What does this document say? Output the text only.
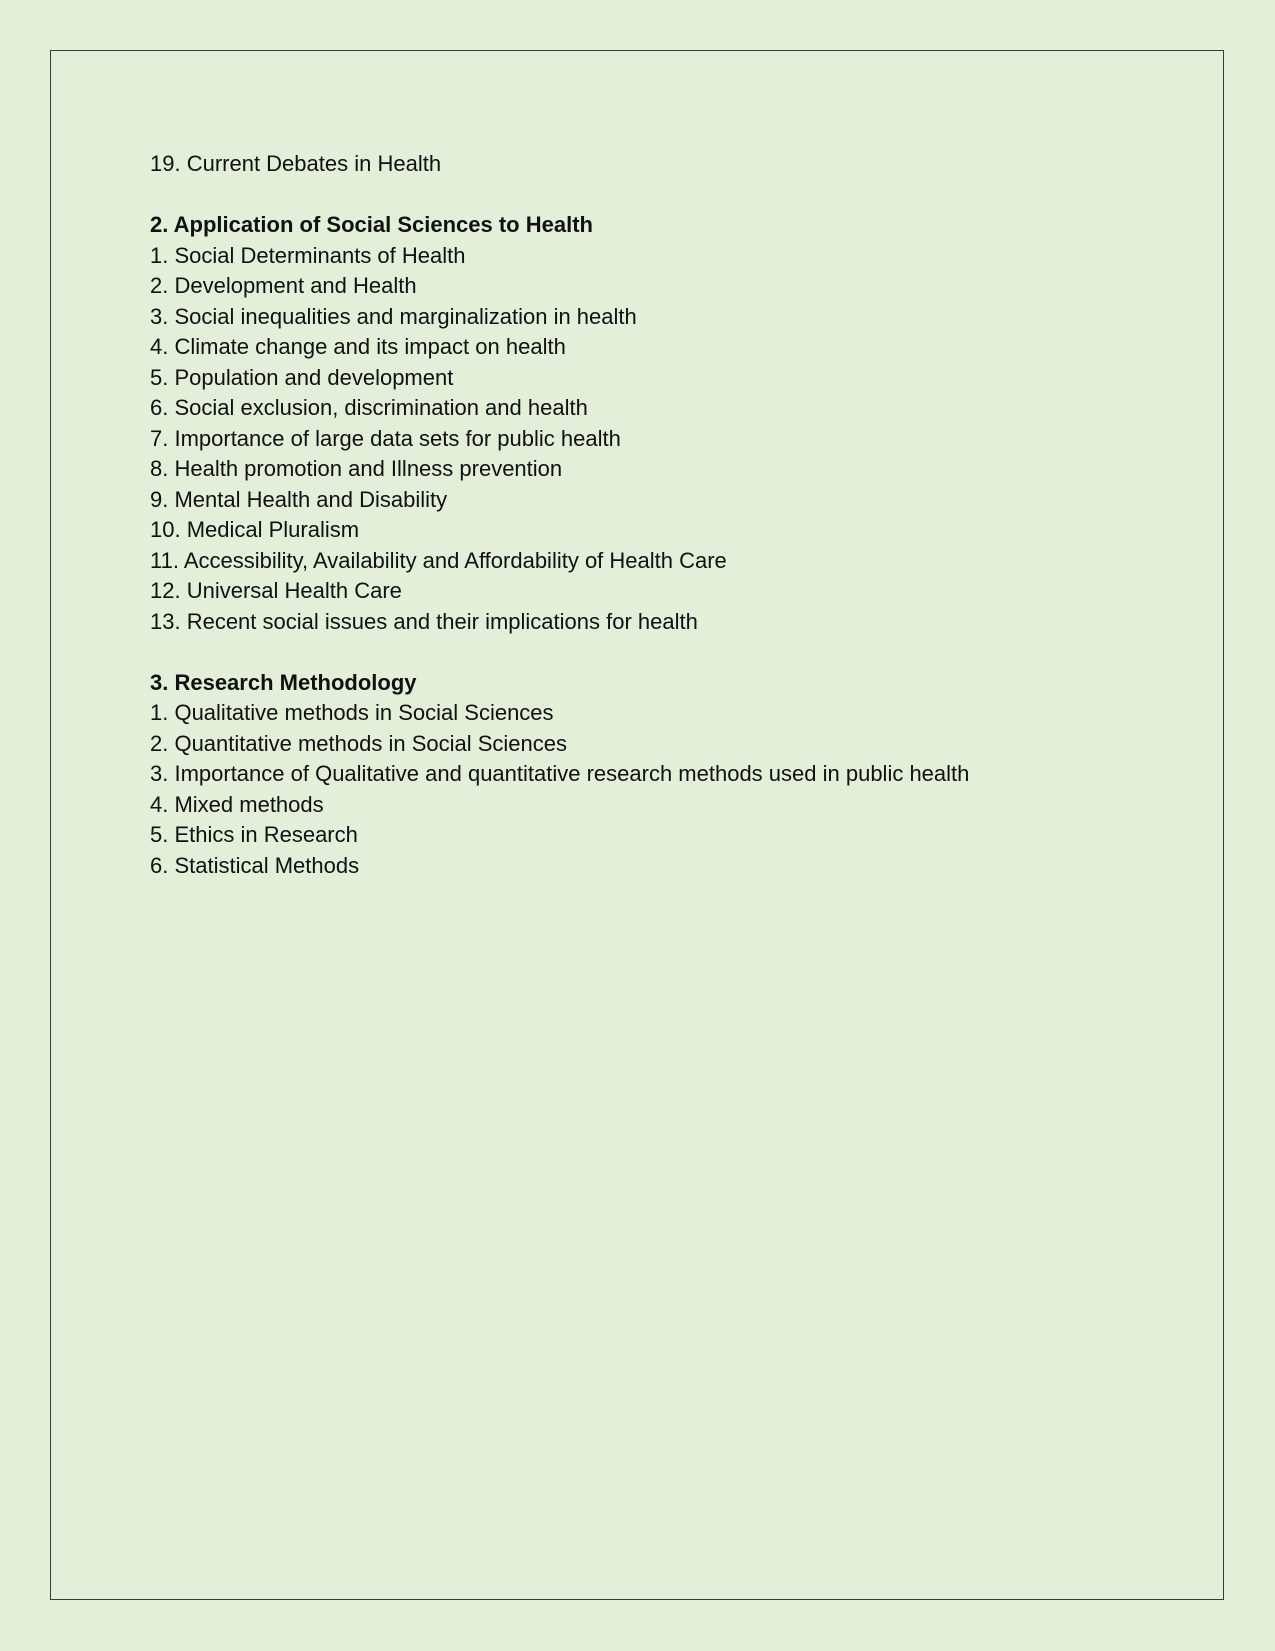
19. Current Debates in Health

2. Application of Social Sciences to Health

1. Social Determinants of Health

2. Development and Health

3. Social inequalities and marginalization in health

4. Climate change and its impact on health

5. Population and development

6. Social exclusion, discrimination and health

7. Importance of large data sets for public health

8. Health promotion and Illness prevention

9. Mental Health and Disability

10. Medical Pluralism

11. Accessibility, Availability and Affordability of Health Care

12. Universal Health Care

13. Recent social issues and their implications for health

3. Research Methodology

1. Qualitative methods in Social Sciences

2. Quantitative methods in Social Sciences

3. Importance of Qualitative and quantitative research methods used in public health

4. Mixed methods

5. Ethics in Research

6. Statistical Methods
